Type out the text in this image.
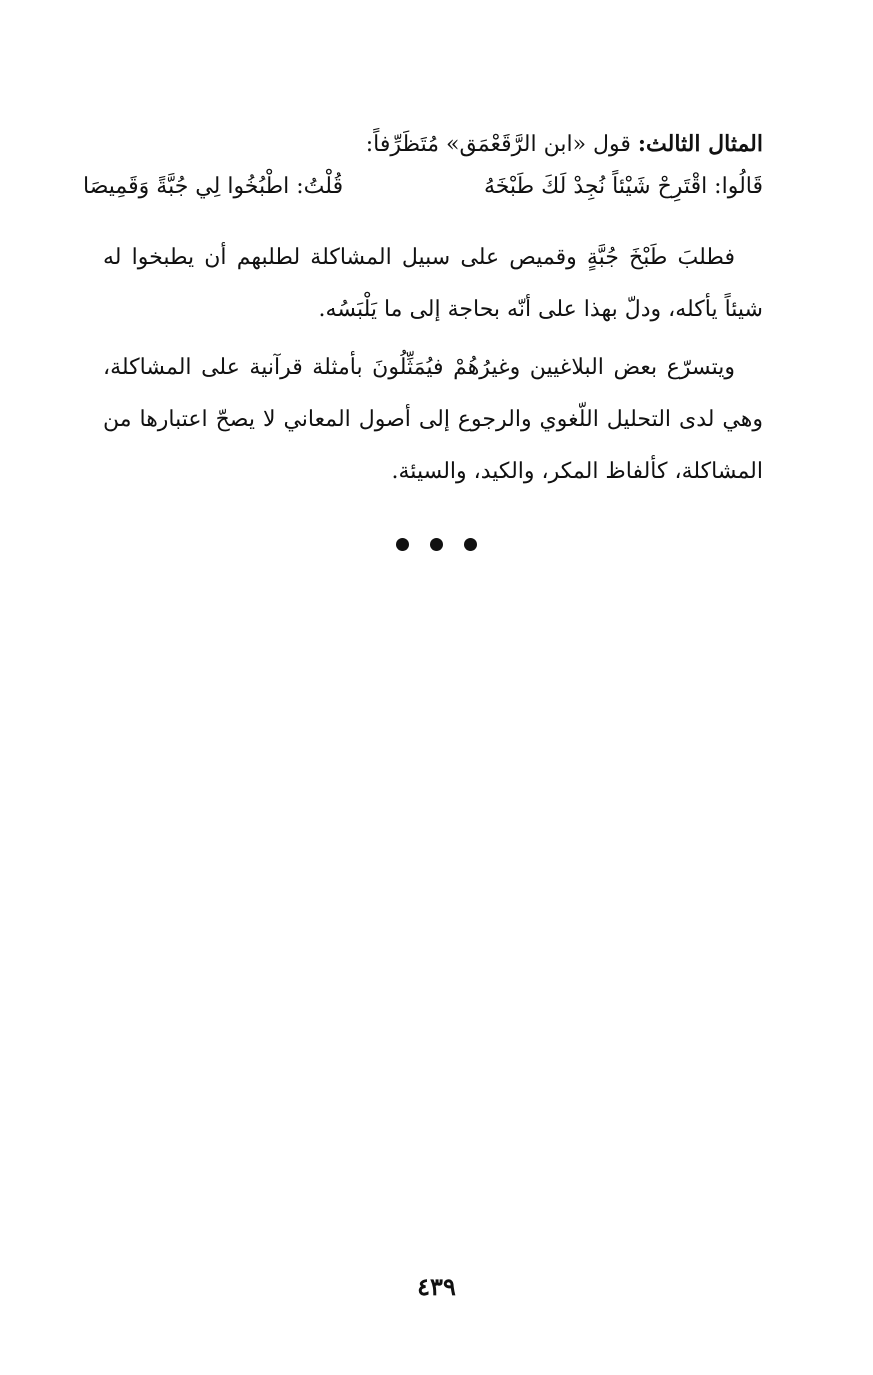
المثال الثالث: قول «ابن الرَّقَعْمَق» مُتَظَرِّفاً:
قَالُوا: اقْتَرِحْ شَيْئاً نُجِدْ لَكَ طَبْخَهُ
قُلْتُ: اطْبُخُوا لِي جُبَّةً وَقَمِيصَا

فطلبَ طَبْخَ جُبَّةٍ وقميص على سبيل المشاكلة لطلبهم أن يطبخوا له شيئاً يأكله، ودلّ بهذا على أنّه بحاجة إلى ما يَلْبَسُه.

ويتسرّع بعض البلاغيين وغيرُهُمْ فيُمَثِّلُونَ بأمثلة قرآنية على المشاكلة، وهي لدى التحليل اللّغوي والرجوع إلى أصول المعاني لا يصحّ اعتبارها من المشاكلة، كألفاظ المكر، والكيد، والسيئة.

٤٣٩
